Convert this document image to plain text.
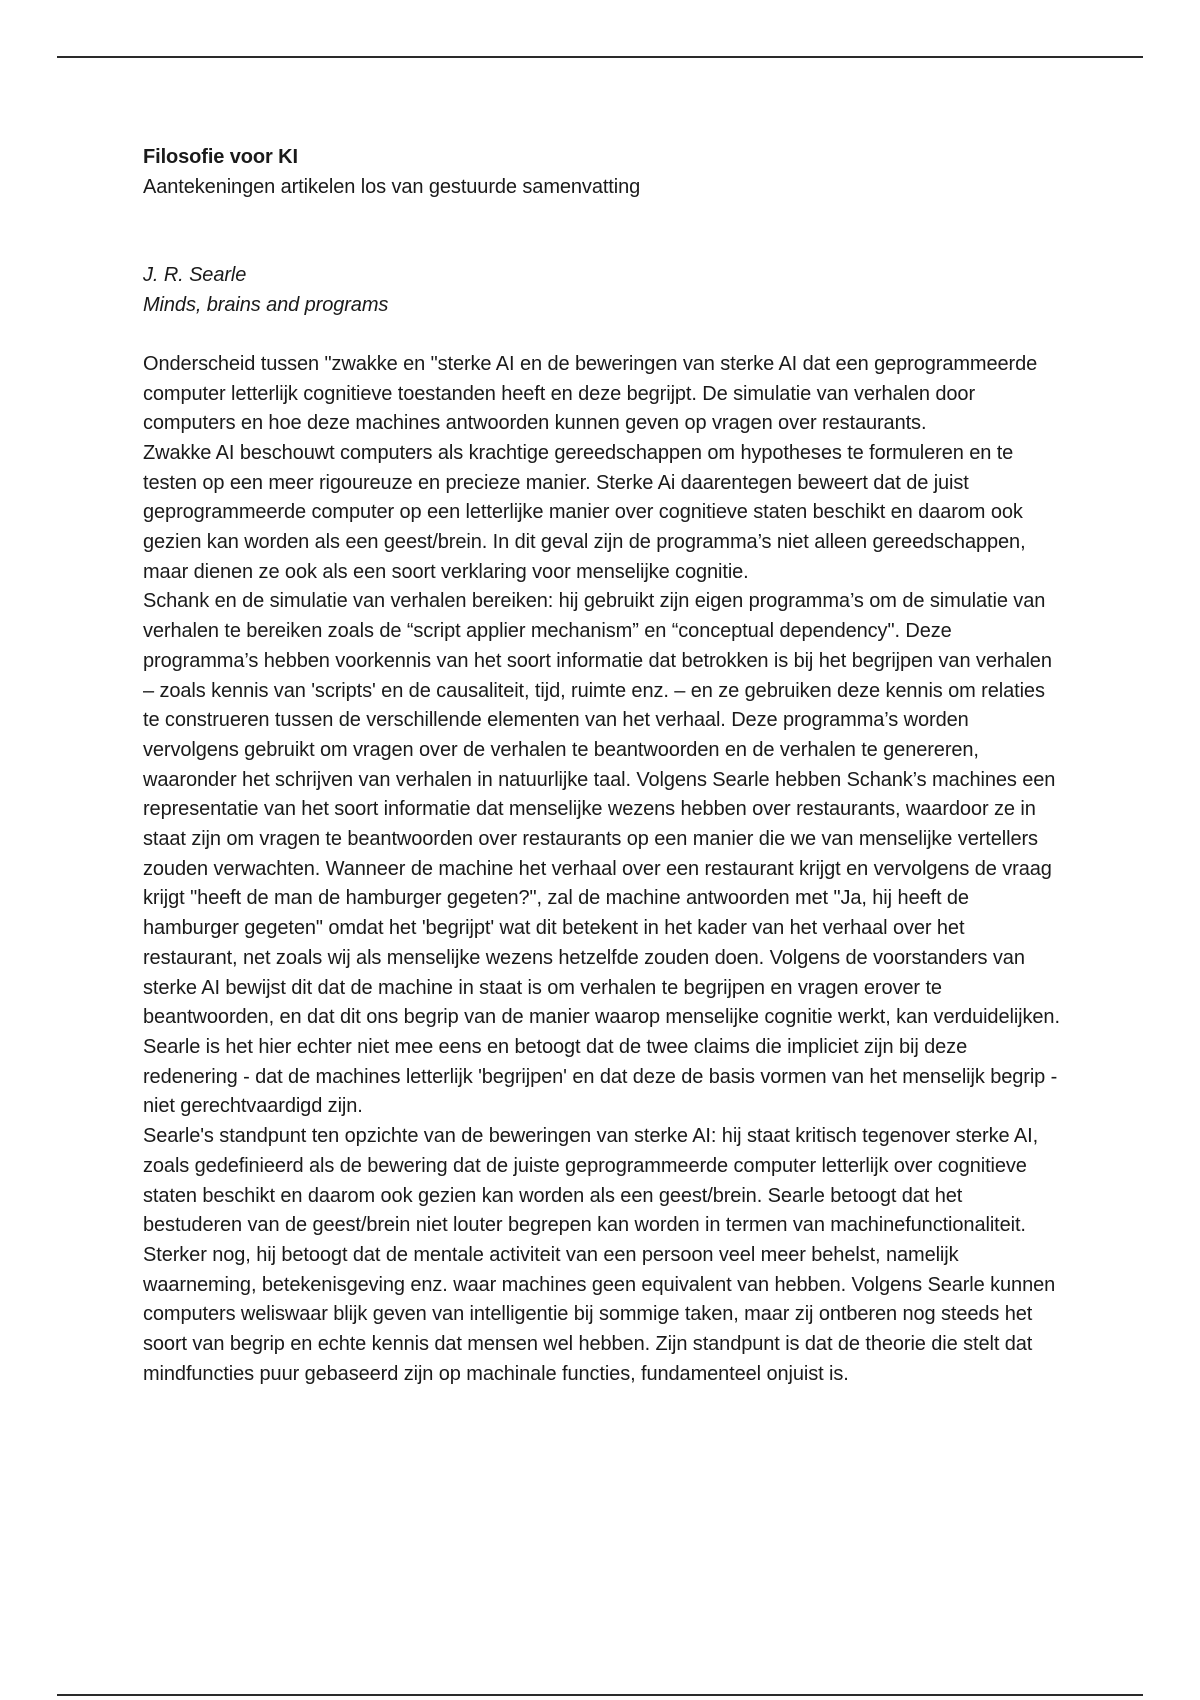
Filosofie voor KI

Aantekeningen artikelen los van gestuurde samenvatting

J. R. Searle

Minds, brains and programs

Onderscheid tussen "zwakke en "sterke AI en de beweringen van sterke AI dat een geprogrammeerde computer letterlijk cognitieve toestanden heeft en deze begrijpt. De simulatie van verhalen door computers en hoe deze machines antwoorden kunnen geven op vragen over restaurants.

Zwakke AI beschouwt computers als krachtige gereedschappen om hypotheses te formuleren en te testen op een meer rigoureuze en precieze manier. Sterke Ai daarentegen beweert dat de juist geprogrammeerde computer op een letterlijke manier over cognitieve staten beschikt en daarom ook gezien kan worden als een geest/brein. In dit geval zijn de programma’s niet alleen gereedschappen, maar dienen ze ook als een soort verklaring voor menselijke cognitie.

Schank en de simulatie van verhalen bereiken: hij gebruikt zijn eigen programma’s om de simulatie van verhalen te bereiken zoals de “script applier mechanism” en “conceptual dependency". Deze programma’s hebben voorkennis van het soort informatie dat betrokken is bij het begrijpen van verhalen – zoals kennis van 'scripts' en de causaliteit, tijd, ruimte enz. – en ze gebruiken deze kennis om relaties te construeren tussen de verschillende elementen van het verhaal. Deze programma’s worden vervolgens gebruikt om vragen over de verhalen te beantwoorden en de verhalen te genereren, waaronder het schrijven van verhalen in natuurlijke taal. Volgens Searle hebben Schank’s machines een representatie van het soort informatie dat menselijke wezens hebben over restaurants, waardoor ze in staat zijn om vragen te beantwoorden over restaurants op een manier die we van menselijke vertellers zouden verwachten. Wanneer de machine het verhaal over een restaurant krijgt en vervolgens de vraag krijgt "heeft de man de hamburger gegeten?", zal de machine antwoorden met "Ja, hij heeft de hamburger gegeten" omdat het 'begrijpt' wat dit betekent in het kader van het verhaal over het restaurant, net zoals wij als menselijke wezens hetzelfde zouden doen. Volgens de voorstanders van sterke AI bewijst dit dat de machine in staat is om verhalen te begrijpen en vragen erover te beantwoorden, en dat dit ons begrip van de manier waarop menselijke cognitie werkt, kan verduidelijken. Searle is het hier echter niet mee eens en betoogt dat de twee claims die impliciet zijn bij deze redenering - dat de machines letterlijk 'begrijpen' en dat deze de basis vormen van het menselijk begrip - niet gerechtvaardigd zijn.

Searle's standpunt ten opzichte van de beweringen van sterke AI: hij staat kritisch tegenover sterke AI, zoals gedefinieerd als de bewering dat de juiste geprogrammeerde computer letterlijk over cognitieve staten beschikt en daarom ook gezien kan worden als een geest/brein. Searle betoogt dat het bestuderen van de geest/brein niet louter begrepen kan worden in termen van machinefunctionaliteit. Sterker nog, hij betoogt dat de mentale activiteit van een persoon veel meer behelst, namelijk waarneming, betekenisgeving enz. waar machines geen equivalent van hebben. Volgens Searle kunnen computers weliswaar blijk geven van intelligentie bij sommige taken, maar zij ontberen nog steeds het soort van begrip en echte kennis dat mensen wel hebben. Zijn standpunt is dat de theorie die stelt dat mindfuncties puur gebaseerd zijn op machinale functies, fundamenteel onjuist is.
